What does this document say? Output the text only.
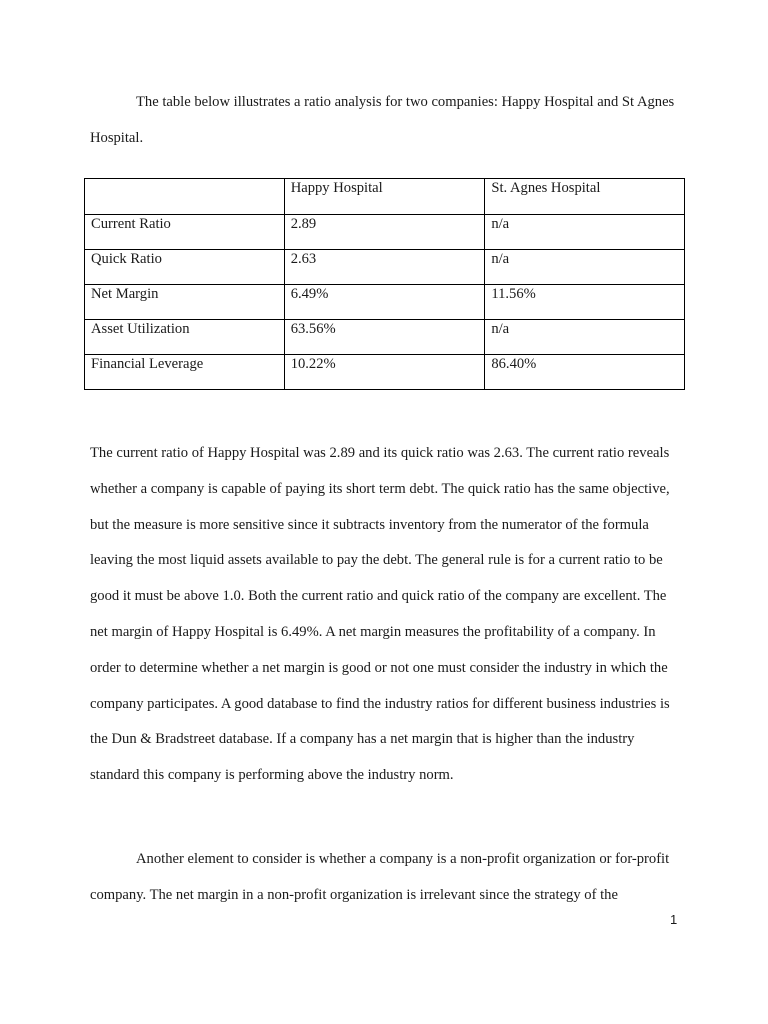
The table below illustrates a ratio analysis for two companies: Happy Hospital and St Agnes Hospital.

	Happy Hospital	St. Agnes Hospital
Current Ratio	2.89	n/a
Quick Ratio	2.63	n/a
Net Margin	6.49%	11.56%
Asset Utilization	63.56%	n/a
Financial Leverage	10.22%	86.40%

The current ratio of Happy Hospital was 2.89 and its quick ratio was 2.63. The current ratio reveals whether a company is capable of paying its short term debt. The quick ratio has the same objective, but the measure is more sensitive since it subtracts inventory from the numerator of the formula leaving the most liquid assets available to pay the debt. The general rule is for a current ratio to be good it must be above 1.0. Both the current ratio and quick ratio of the company are excellent. The net margin of Happy Hospital is 6.49%. A net margin measures the profitability of a company. In order to determine whether a net margin is good or not one must consider the industry in which the company participates. A good database to find the industry ratios for different business industries is the Dun & Bradstreet database. If a company has a net margin that is higher than the industry standard this company is performing above the industry norm.

Another element to consider is whether a company is a non-profit organization or for-profit company. The net margin in a non-profit organization is irrelevant since the strategy of the

1
